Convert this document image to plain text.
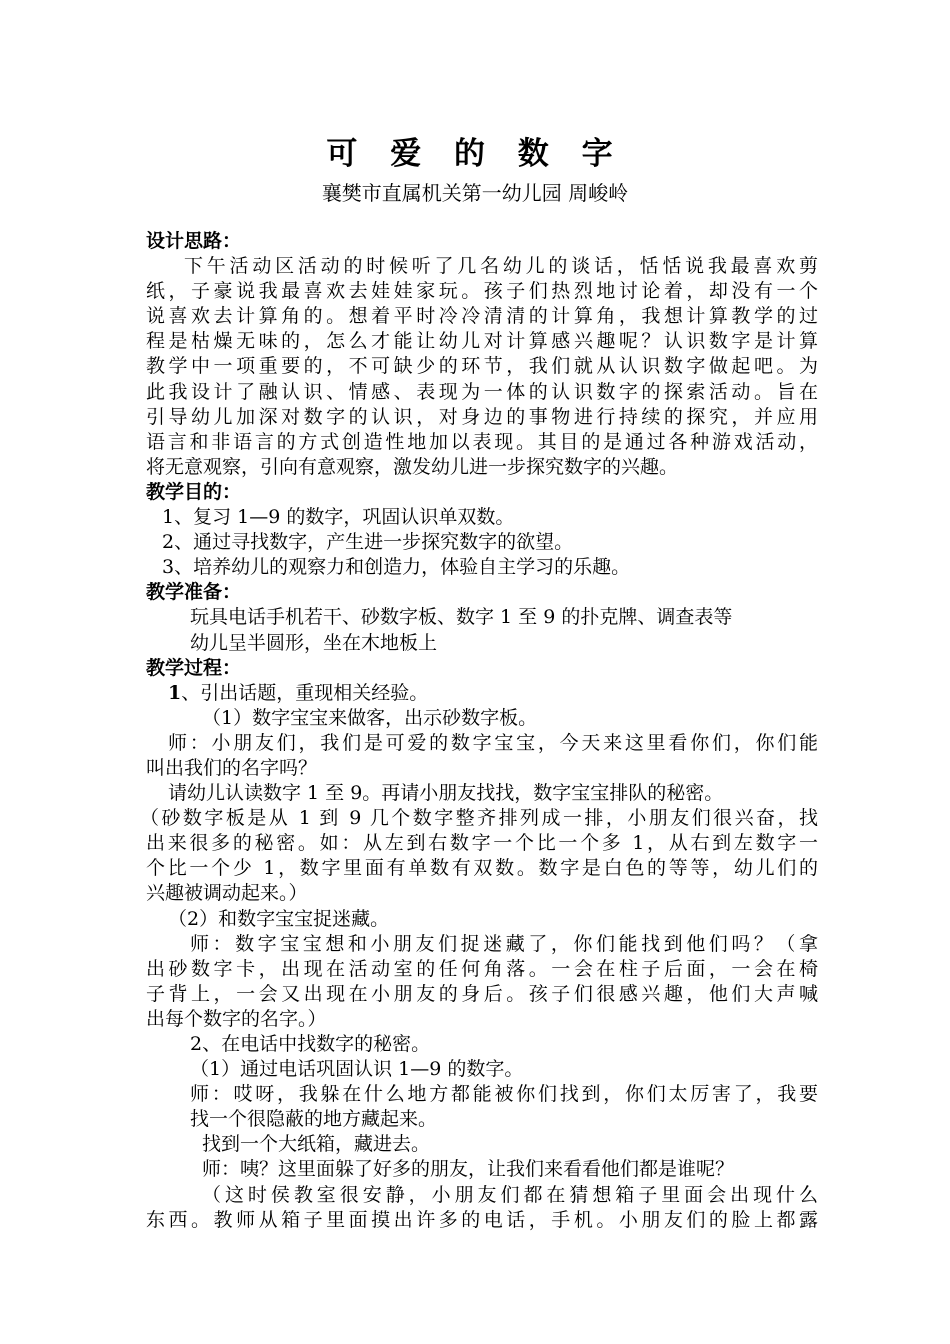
可 爱 的 数 字
襄樊市直属机关第一幼儿园 周峻岭
设计思路：
下午活动区活动的时候听了几名幼儿的谈话，恬恬说我最喜欢剪
纸，子豪说我最喜欢去娃娃家玩。孩子们热烈地讨论着，却没有一个
说喜欢去计算角的。想着平时冷冷清清的计算角，我想计算教学的过
程是枯燥无味的，怎么才能让幼儿对计算感兴趣呢？认识数字是计算
教学中一项重要的，不可缺少的环节，我们就从认识数字做起吧。为
此我设计了融认识、情感、表现为一体的认识数字的探索活动。旨在
引导幼儿加深对数字的认识，对身边的事物进行持续的探究，并应用
语言和非语言的方式创造性地加以表现。其目的是通过各种游戏活动，
将无意观察，引向有意观察，激发幼儿进一步探究数字的兴趣。
教学目的：
1、复习 1—9 的数字，巩固认识单双数。
2、通过寻找数字，产生进一步探究数字的欲望。
3、培养幼儿的观察力和创造力，体验自主学习的乐趣。
教学准备：
玩具电话手机若干、砂数字板、数字 1 至 9 的扑克牌、调查表等
幼儿呈半圆形，坐在木地板上
教学过程：
1、引出话题，重现相关经验。
（1）数字宝宝来做客，出示砂数字板。
师：小朋友们，我们是可爱的数字宝宝，今天来这里看你们，你们能
叫出我们的名字吗？
请幼儿认读数字 1 至 9。再请小朋友找找，数字宝宝排队的秘密。
（砂数字板是从 1 到 9 几个数字整齐排列成一排，小朋友们很兴奋，找
出来很多的秘密。如：从左到右数字一个比一个多 1，从右到左数字一
个比一个少 1，数字里面有单数有双数。数字是白色的等等，幼儿们的
兴趣被调动起来。）
（2）和数字宝宝捉迷藏。
师：数字宝宝想和小朋友们捉迷藏了，你们能找到他们吗？（拿
出砂数字卡，出现在活动室的任何角落。一会在柱子后面，一会在椅
子背上，一会又出现在小朋友的身后。孩子们很感兴趣，他们大声喊
出每个数字的名字。）
2、在电话中找数字的秘密。
（1）通过电话巩固认识 1—9 的数字。
师：哎呀，我躲在什么地方都能被你们找到，你们太厉害了，我要
找一个很隐蔽的地方藏起来。
找到一个大纸箱，藏进去。
师：咦？这里面躲了好多的朋友，让我们来看看他们都是谁呢？
（这时侯教室很安静，小朋友们都在猜想箱子里面会出现什么
东西。教师从箱子里面摸出许多的电话，手机。小朋友们的脸上都露
